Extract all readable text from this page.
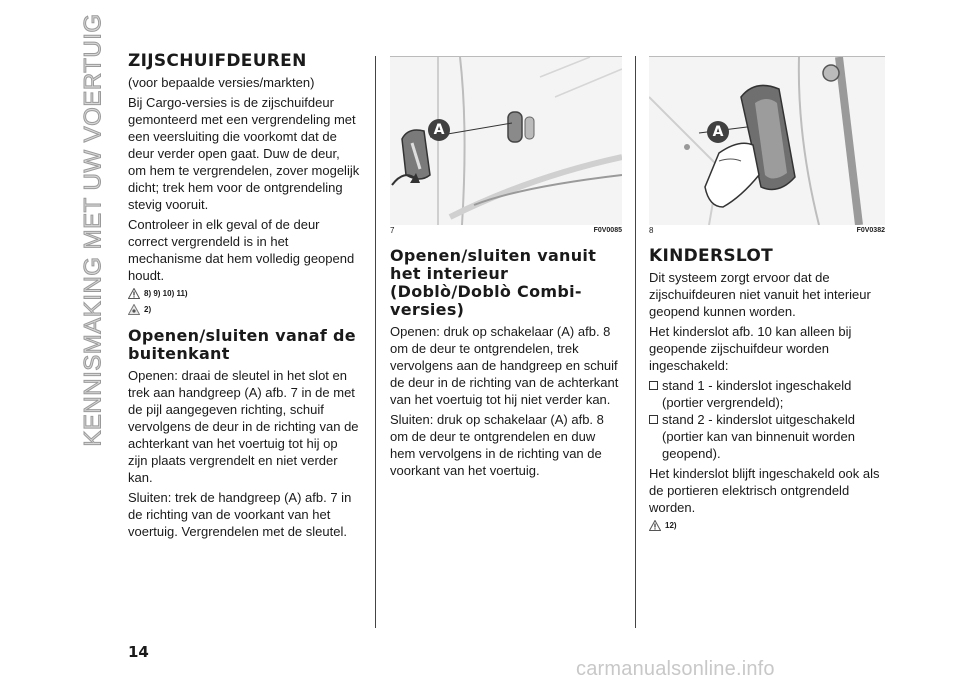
KENNISMAKING MET UW VOERTUIG ZIJSCHUIFDEUREN

(voor bepaalde versies/markten)

Bij Cargo-versies is de zijschuifdeur gemonteerd met een vergrendeling met een veersluiting die voorkomt dat de deur verder open gaat. Duw de deur, om hem te vergrendelen, zover mogelijk dicht; trek hem voor de ontgrendeling stevig vooruit.

Controleer in elk geval of de deur correct vergrendeld is in het mechanisme dat hem volledig geopend houdt.

8) 9) 10) 11)
2)
Openen/sluiten vanaf de buitenkant

Openen: draai de sleutel in het slot en trek aan handgreep (A) afb. 7 in de met de pijl aangegeven richting, schuif vervolgens de deur in de richting van de achterkant van het voertuig tot hij op zijn plaats vergrendelt en niet verder kan.

Sluiten: trek de handgreep (A) afb. 7 in de richting van de voorkant van het voertuig. Vergrendelen met de sleutel.

A
7	F0V0085
Openen/sluiten vanuit het interieur (Doblò/Doblò Combi-versies)

Openen: druk op schakelaar (A) afb. 8 om de deur te ontgrendelen, trek vervolgens aan de handgreep en schuif de deur in de richting van de achterkant van het voertuig tot hij niet verder kan.

Sluiten: druk op schakelaar (A) afb. 8 om de deur te ontgrendelen en duw hem vervolgens in de richting van de voorkant van het voertuig.

A
8	F0V0382
KINDERSLOT

Dit systeem zorgt ervoor dat de zijschuifdeuren niet vanuit het interieur geopend kunnen worden.

Het kinderslot afb. 10 kan alleen bij geopende zijschuifdeur worden ingeschakeld:

stand 1 - kinderslot ingeschakeld (portier vergrendeld);
stand 2 - kinderslot uitgeschakeld (portier kan van binnenuit worden geopend).

Het kinderslot blijft ingeschakeld ook als de portieren elektrisch ontgrendeld worden.

12)
14
carmanualsonline.info
